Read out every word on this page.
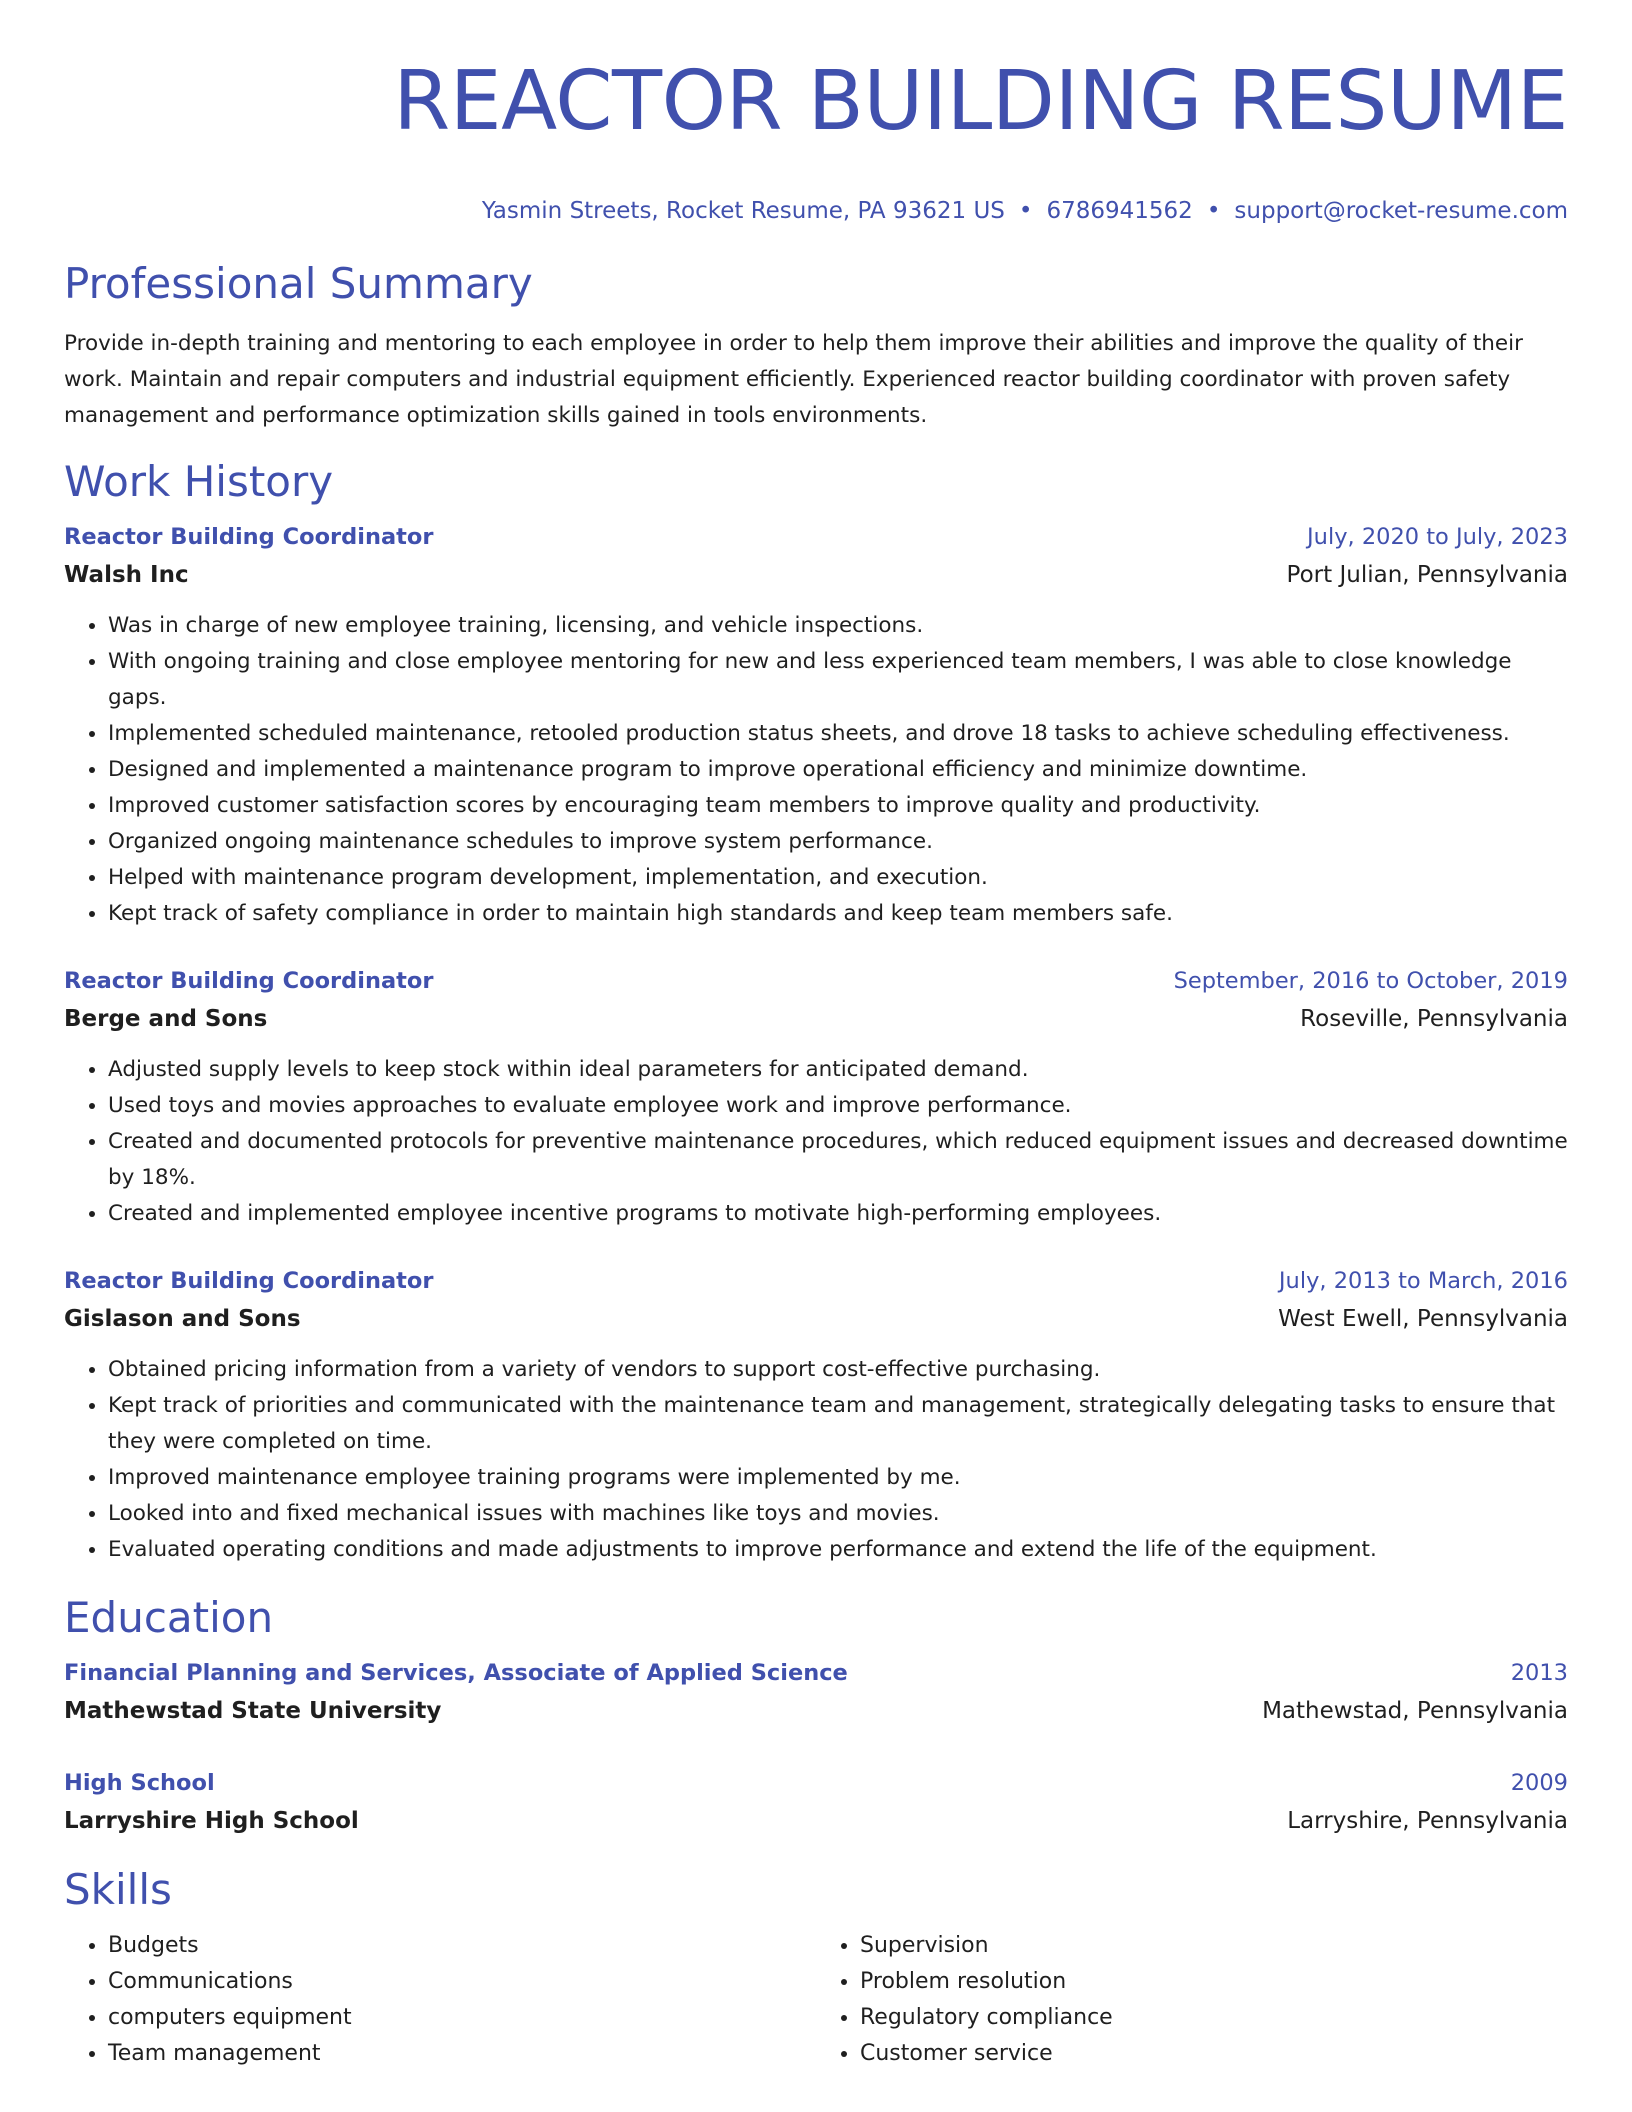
REACTOR BUILDING RESUME
Yasmin Streets, Rocket Resume, PA 93621 US • 6786941562 • support@rocket-resume.com
Professional Summary
Provide in-depth training and mentoring to each employee in order to help them improve their abilities and improve the quality of their work. Maintain and repair computers and industrial equipment efficiently. Experienced reactor building coordinator with proven safety management and performance optimization skills gained in tools environments.
Work History
Reactor Building Coordinator	July, 2020 to July, 2023
Walsh Inc	Port Julian, Pennsylvania
• Was in charge of new employee training, licensing, and vehicle inspections.
• With ongoing training and close employee mentoring for new and less experienced team members, I was able to close knowledge gaps.
• Implemented scheduled maintenance, retooled production status sheets, and drove 18 tasks to achieve scheduling effectiveness.
• Designed and implemented a maintenance program to improve operational efficiency and minimize downtime.
• Improved customer satisfaction scores by encouraging team members to improve quality and productivity.
• Organized ongoing maintenance schedules to improve system performance.
• Helped with maintenance program development, implementation, and execution.
• Kept track of safety compliance in order to maintain high standards and keep team members safe.
Reactor Building Coordinator	September, 2016 to October, 2019
Berge and Sons	Roseville, Pennsylvania
• Adjusted supply levels to keep stock within ideal parameters for anticipated demand.
• Used toys and movies approaches to evaluate employee work and improve performance.
• Created and documented protocols for preventive maintenance procedures, which reduced equipment issues and decreased downtime by 18%.
• Created and implemented employee incentive programs to motivate high-performing employees.
Reactor Building Coordinator	July, 2013 to March, 2016
Gislason and Sons	West Ewell, Pennsylvania
• Obtained pricing information from a variety of vendors to support cost-effective purchasing.
• Kept track of priorities and communicated with the maintenance team and management, strategically delegating tasks to ensure that they were completed on time.
• Improved maintenance employee training programs were implemented by me.
• Looked into and fixed mechanical issues with machines like toys and movies.
• Evaluated operating conditions and made adjustments to improve performance and extend the life of the equipment.
Education
Financial Planning and Services, Associate of Applied Science	2013
Mathewstad State University	Mathewstad, Pennsylvania
High School	2009
Larryshire High School	Larryshire, Pennsylvania
Skills
• Budgets
• Communications
• computers equipment
• Team management
• Supervision
• Problem resolution
• Regulatory compliance
• Customer service
